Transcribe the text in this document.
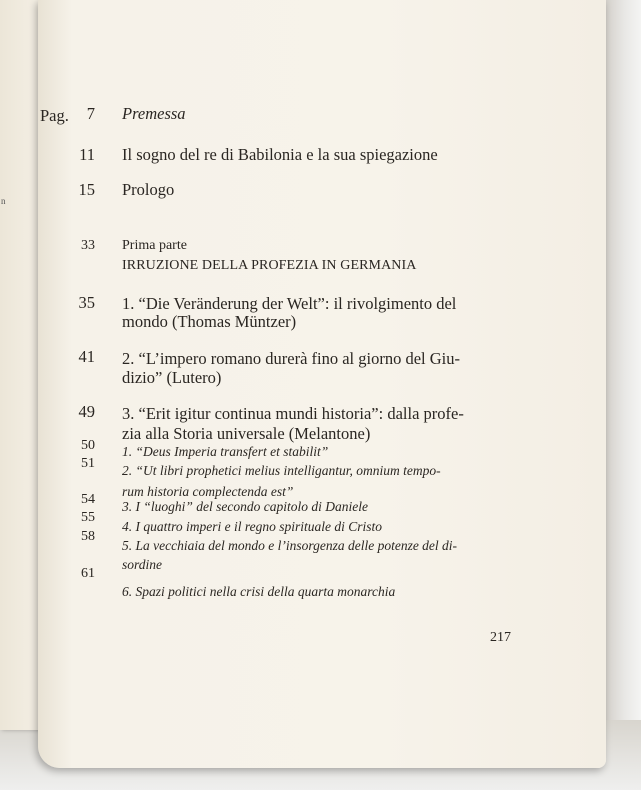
n
Pag.	7 Premessa
11 Il sogno del re di Babilonia e la sua spiegazione
15 Prologo
33 Prima parte
IRRUZIONE DELLA PROFEZIA IN GERMANIA
35 1. “Die Veränderung der Welt”: il rivolgimento del
mondo (Thomas Müntzer)
41 2. “L’impero romano durerà fino al giorno del Giu-
dizio” (Lutero)
49 3. “Erit igitur continua mundi historia”: dalla profe-
zia alla Storia universale (Melantone)
50 1. “Deus Imperia transfert et stabilit”
51 2. “Ut libri prophetici melius intelligantur, omnium tempo-
rum historia complectenda est”
54 3. I “luoghi” del secondo capitolo di Daniele
55
4. I quattro imperi e il regno spirituale di Cristo
58
5. La vecchiaia del mondo e l’insorgenza delle potenze del di-
sordine
61
6. Spazi politici nella crisi della quarta monarchia
217
